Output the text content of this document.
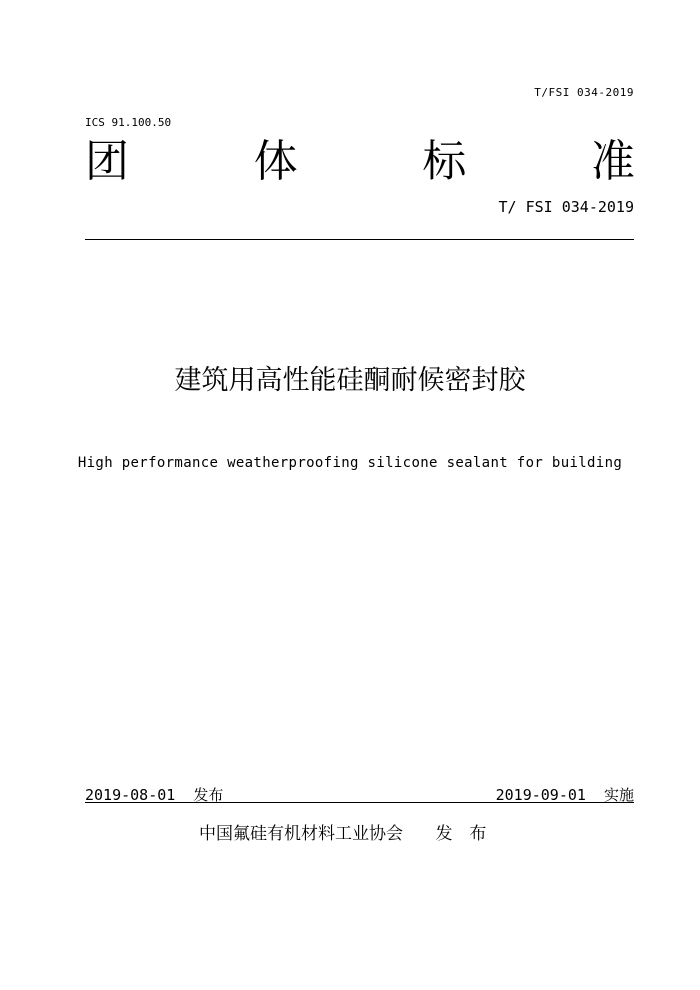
T/FSI 034-2019
ICS 91.100.50
团	体	标	准
T/ FSI 034-2019
建筑用高性能硅酮耐候密封胶
High performance weatherproofing silicone sealant for building
2019-08-01 发布	2019-09-01 实施
中国氟硅有机材料工业协会 发　布
